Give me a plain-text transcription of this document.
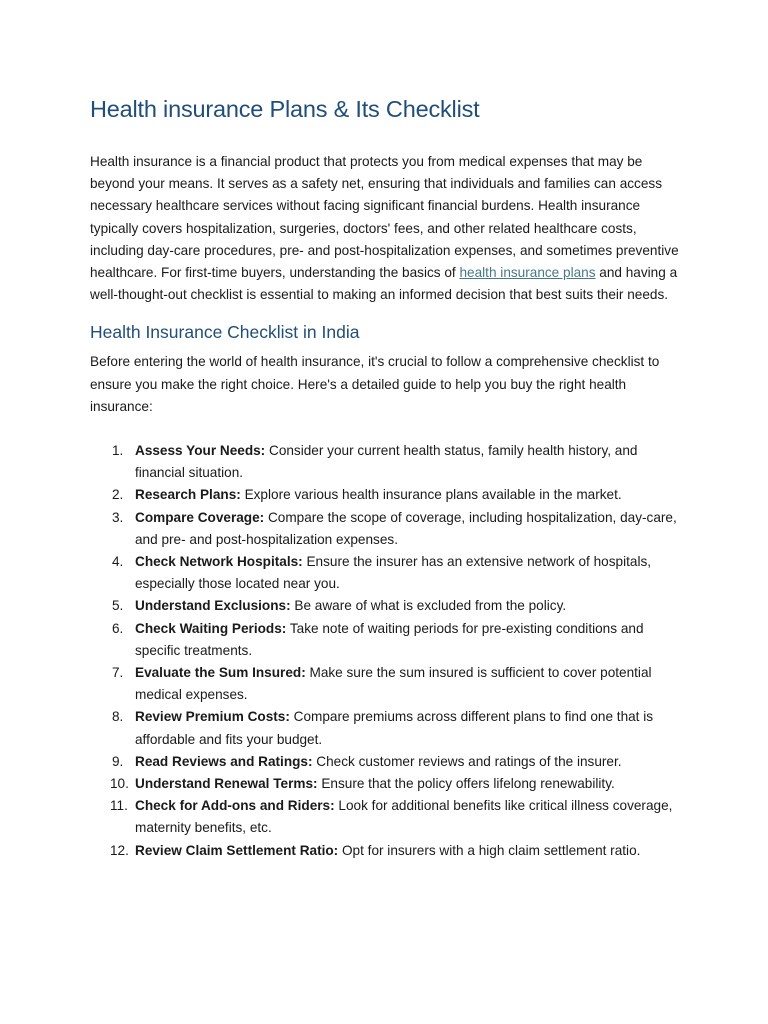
Health insurance Plans & Its Checklist

Health insurance is a financial product that protects you from medical expenses that may be beyond your means. It serves as a safety net, ensuring that individuals and families can access necessary healthcare services without facing significant financial burdens. Health insurance typically covers hospitalization, surgeries, doctors' fees, and other related healthcare costs, including day-care procedures, pre- and post-hospitalization expenses, and sometimes preventive healthcare. For first-time buyers, understanding the basics of health insurance plans and having a well-thought-out checklist is essential to making an informed decision that best suits their needs.

Health Insurance Checklist in India

Before entering the world of health insurance, it's crucial to follow a comprehensive checklist to ensure you make the right choice. Here's a detailed guide to help you buy the right health insurance:

1. Assess Your Needs: Consider your current health status, family health history, and financial situation.
2. Research Plans: Explore various health insurance plans available in the market.
3. Compare Coverage: Compare the scope of coverage, including hospitalization, day-care, and pre- and post-hospitalization expenses.
4. Check Network Hospitals: Ensure the insurer has an extensive network of hospitals, especially those located near you.
5. Understand Exclusions: Be aware of what is excluded from the policy.
6. Check Waiting Periods: Take note of waiting periods for pre-existing conditions and specific treatments.
7. Evaluate the Sum Insured: Make sure the sum insured is sufficient to cover potential medical expenses.
8. Review Premium Costs: Compare premiums across different plans to find one that is affordable and fits your budget.
9. Read Reviews and Ratings: Check customer reviews and ratings of the insurer.
10. Understand Renewal Terms: Ensure that the policy offers lifelong renewability.
11. Check for Add-ons and Riders: Look for additional benefits like critical illness coverage, maternity benefits, etc.
12. Review Claim Settlement Ratio: Opt for insurers with a high claim settlement ratio.
